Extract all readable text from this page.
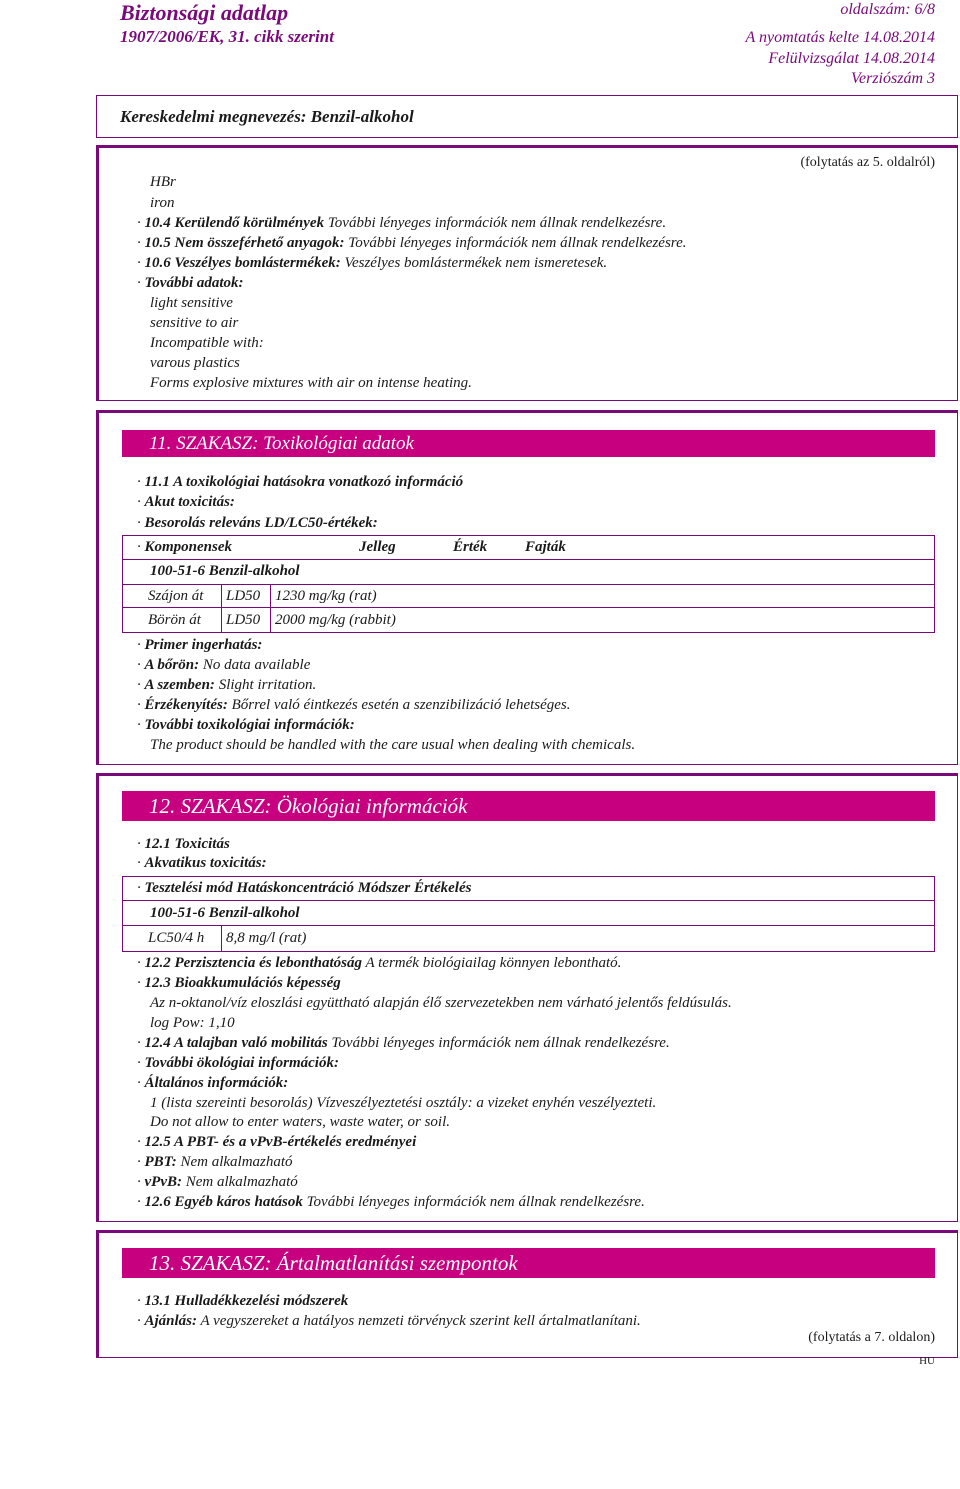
Biztonsági adatlap
1907/2006/EK, 31. cikk szerint
oldalszám: 6/8
A nyomtatás kelte 14.08.2014
Felülvizsgálat 14.08.2014
Verziószám 3
Kereskedelmi megnevezés: Benzil-alkohol
(folytatás az 5. oldalról)
HBr
iron
· 10.4 Kerülendő körülmények További lényeges információk nem állnak rendelkezésre.
· 10.5 Nem összeférhető anyagok: További lényeges információk nem állnak rendelkezésre.
· 10.6 Veszélyes bomlástermékek: Veszélyes bomlástermékek nem ismeretesek.
· További adatok:
light sensitive
sensitive to air
Incompatible with:
varous plastics
Forms explosive mixtures with air on intense heating.
11. SZAKASZ: Toxikológiai adatok
· 11.1 A toxikológiai hatásokra vonatkozó információ
· Akut toxicitás:
· Besorolás releváns LD/LC50-értékek:
· Komponensek	Jelleg	Érték	Fajták
100-51-6 Benzil-alkohol
Szájon át LD50 1230 mg/kg (rat)
Börön át LD50 2000 mg/kg (rabbit)
· Primer ingerhatás:
· A bőrön: No data available
· A szemben: Slight irritation.
· Érzékenyítés: Bőrrel való éintkezés esetén a szenzibilizáció lehetséges.
· További toxikológiai információk:
The product should be handled with the care usual when dealing with chemicals.
12. SZAKASZ: Ökológiai információk
· 12.1 Toxicitás
· Akvatikus toxicitás:
· Tesztelési mód Hatáskoncentráció Módszer Értékelés
100-51-6 Benzil-alkohol
LC50/4 h 8,8 mg/l (rat)
· 12.2 Perzisztencia és lebonthatóság A termék biológiailag könnyen lebontható.
· 12.3 Bioakkumulációs képesség
Az n-oktanol/víz eloszlási együttható alapján élő szervezetekben nem várható jelentős feldúsulás.
log Pow: 1,10
· 12.4 A talajban való mobilitás További lényeges információk nem állnak rendelkezésre.
· További ökológiai információk:
· Általános információk:
1 (lista szereinti besorolás) Vízveszélyeztetési osztály: a vizeket enyhén veszélyezteti.
Do not allow to enter waters, waste water, or soil.
· 12.5 A PBT- és a vPvB-értékelés eredményei
· PBT: Nem alkalmazható
· vPvB: Nem alkalmazható
· 12.6 Egyéb káros hatások További lényeges információk nem állnak rendelkezésre.
13. SZAKASZ: Ártalmatlanítási szempontok
· 13.1 Hulladékkezelési módszerek
· Ajánlás: A vegyszereket a hatályos nemzeti törvényck szerint kell ártalmatlanítani.
(folytatás a 7. oldalon)
HU
